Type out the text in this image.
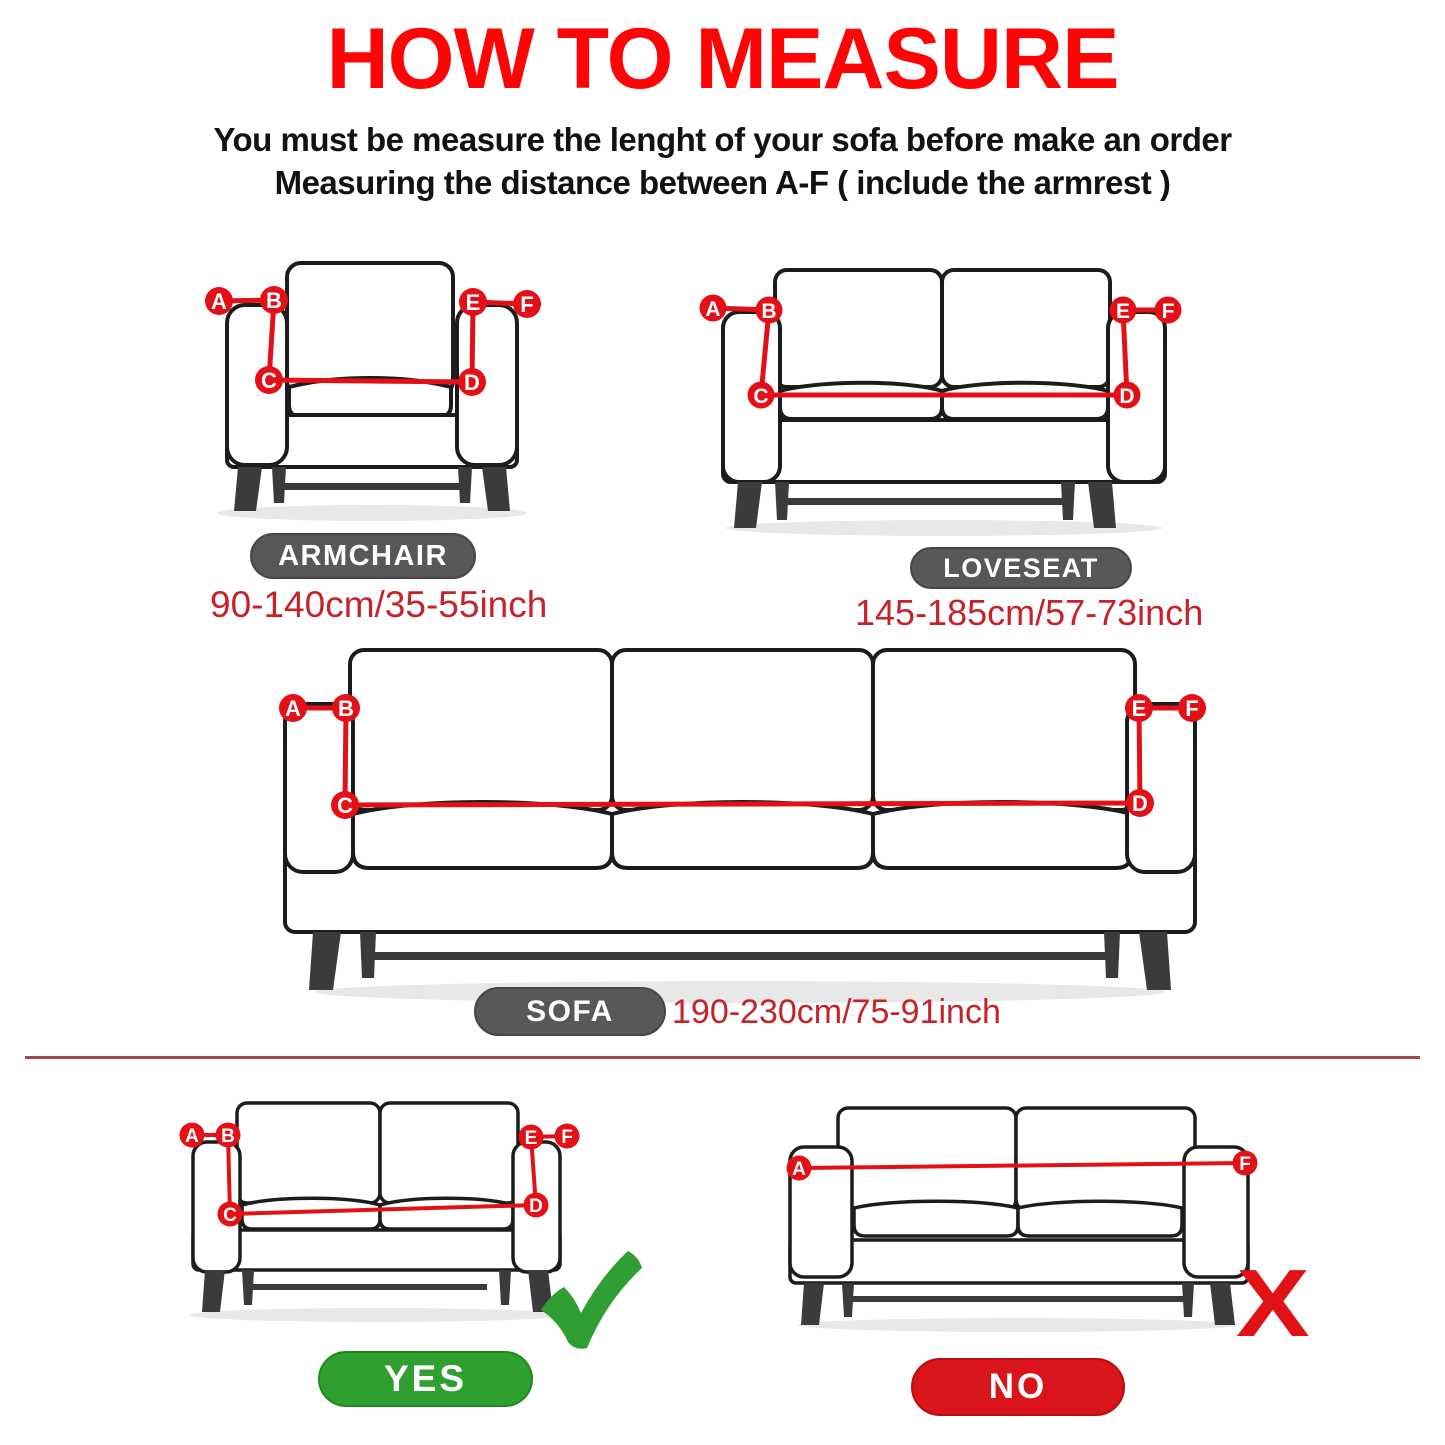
HOW TO MEASURE
You must be measure the lenght of your sofa before make an order
Measuring the distance between A-F ( include the armrest )
A B
C	D
E F
ARMCHAIR
90-140cm/35-55inch
A B
C	D
E F
LOVESEAT
145-185cm/57-73inch
A B
C	D
E F
SOFA 190-230cm/75-91inch
A B
C	D
E F
YES
A	F
X
NO
